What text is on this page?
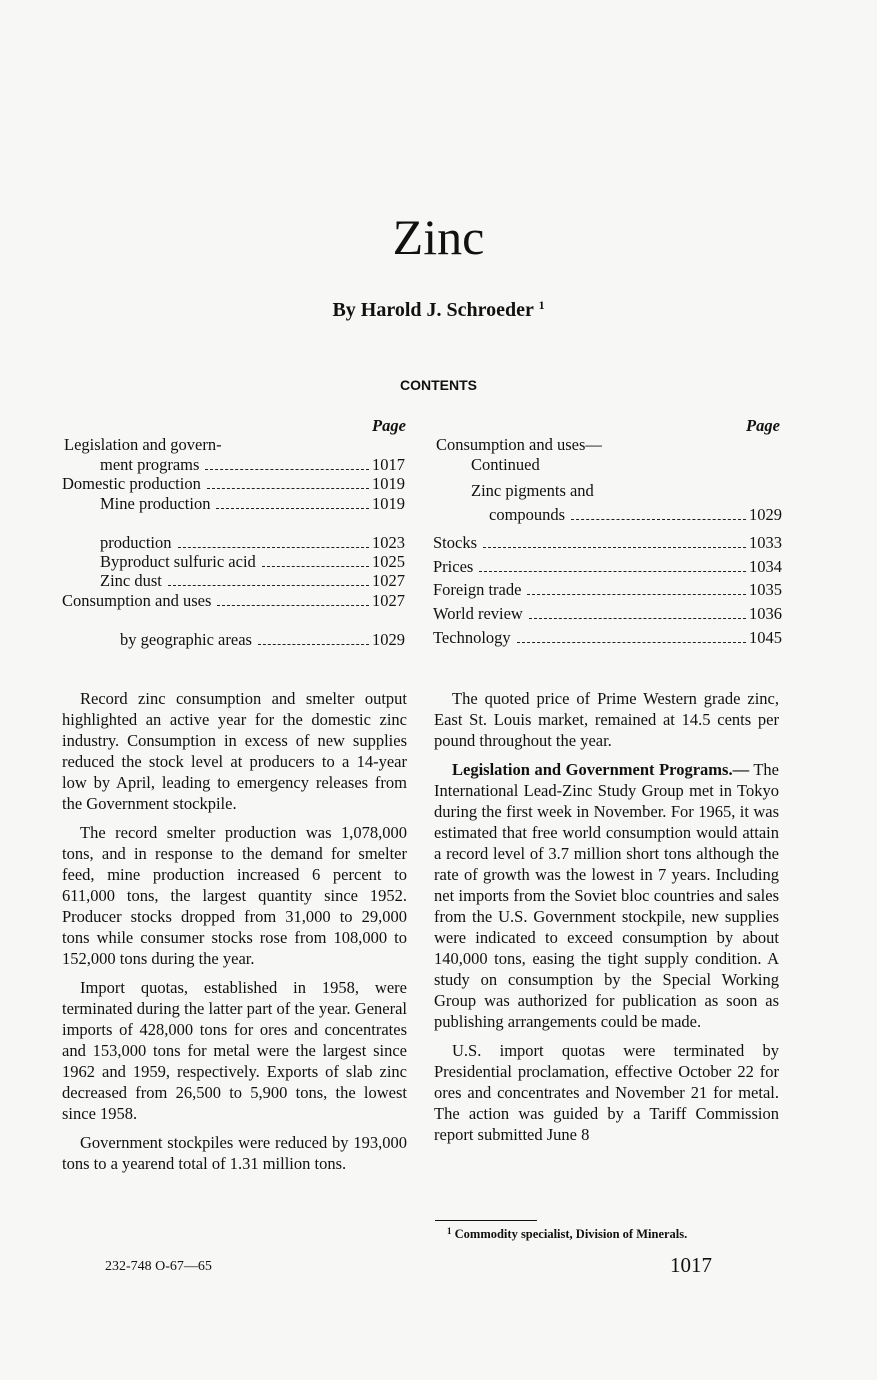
Zinc

By Harold J. Schroeder $^1$

CONTENTS

Page
Legislation and govern-
ment programs	1017
Domestic production	1019
Mine production	1019
production	1023
Byproduct sulfuric acid	1025
Zinc dust	1027
Consumption and uses	1027
by geographic areas	1029
Page
Consumption and uses—
Continued
Zinc pigments and
compounds	1029
Stocks	1033
Prices	1034
Foreign trade	1035
World review	1036
Technology	1045

Record zinc consumption and smelter output highlighted an active year for the domestic zinc industry. Consumption in excess of new supplies reduced the stock level at producers to a 14-year low by April, leading to emergency releases from the Government stockpile.

The record smelter production was 1,078,000 tons, and in response to the demand for smelter feed, mine production increased 6 percent to 611,000 tons, the largest quantity since 1952. Producer stocks dropped from 31,000 to 29,000 tons while consumer stocks rose from 108,000 to 152,000 tons during the year.

Import quotas, established in 1958, were terminated during the latter part of the year. General imports of 428,000 tons for ores and concentrates and 153,000 tons for metal were the largest since 1962 and 1959, respectively. Exports of slab zinc decreased from 26,500 to 5,900 tons, the lowest since 1958.

Government stockpiles were reduced by 193,000 tons to a yearend total of 1.31 million tons.

The quoted price of Prime Western grade zinc, East St. Louis market, remained at 14.5 cents per pound throughout the year.

Legislation and Government Programs.— The International Lead-Zinc Study Group met in Tokyo during the first week in November. For 1965, it was estimated that free world consumption would attain a record level of 3.7 million short tons although the rate of growth was the lowest in 7 years. Including net imports from the Soviet bloc countries and sales from the U.S. Government stockpile, new supplies were indicated to exceed consumption by about 140,000 tons, easing the tight supply condition. A study on consumption by the Special Working Group was authorized for publication as soon as publishing arrangements could be made.

U.S. import quotas were terminated by Presidential proclamation, effective October 22 for ores and concentrates and November 21 for metal. The action was guided by a Tariff Commission report submitted June 8

$^1$ Commodity specialist, Division of Minerals.
232-748 O-67—65	1017
